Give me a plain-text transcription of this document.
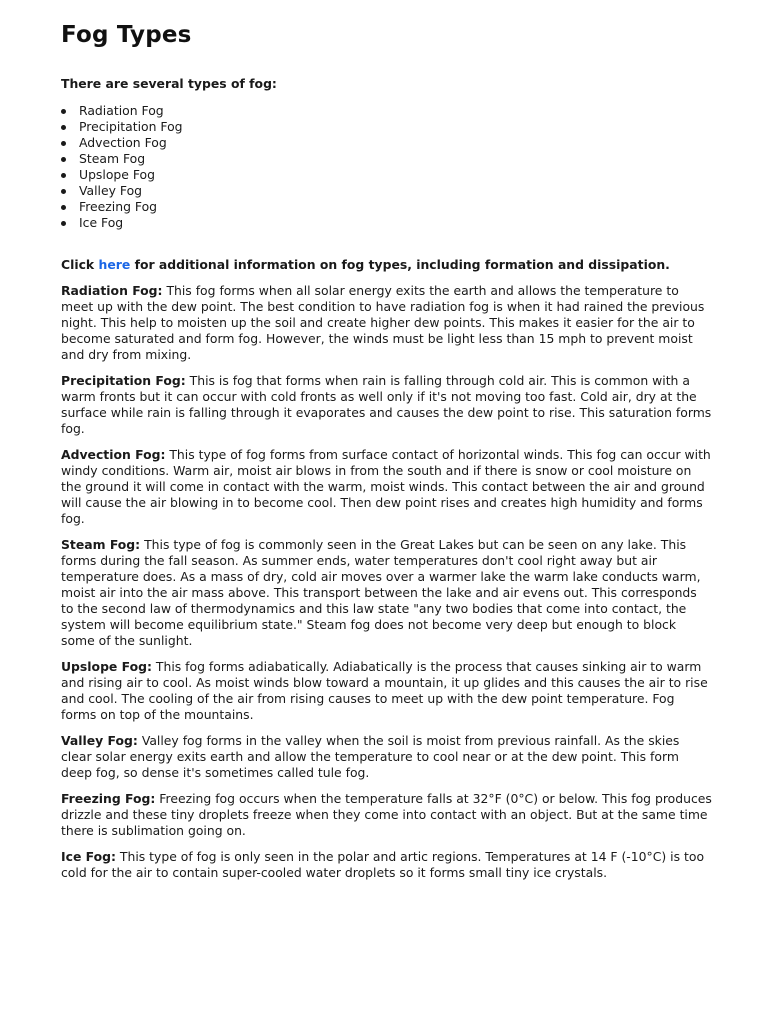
Fog Types
There are several types of fog:
Radiation Fog
Precipitation Fog
Advection Fog
Steam Fog
Upslope Fog
Valley Fog
Freezing Fog
Ice Fog
Click here for additional information on fog types, including formation and dissipation.

Radiation Fog: This fog forms when all solar energy exits the earth and allows the temperature to meet up with the dew point. The best condition to have radiation fog is when it had rained the previous night. This help to moisten up the soil and create higher dew points. This makes it easier for the air to become saturated and form fog. However, the winds must be light less than 15 mph to prevent moist and dry from mixing.

Precipitation Fog: This is fog that forms when rain is falling through cold air. This is common with a warm fronts but it can occur with cold fronts as well only if it's not moving too fast. Cold air, dry at the surface while rain is falling through it evaporates and causes the dew point to rise. This saturation forms fog.

Advection Fog: This type of fog forms from surface contact of horizontal winds. This fog can occur with windy conditions. Warm air, moist air blows in from the south and if there is snow or cool moisture on the ground it will come in contact with the warm, moist winds. This contact between the air and ground will cause the air blowing in to become cool. Then dew point rises and creates high humidity and forms fog.

Steam Fog: This type of fog is commonly seen in the Great Lakes but can be seen on any lake. This forms during the fall season. As summer ends, water temperatures don't cool right away but air temperature does. As a mass of dry, cold air moves over a warmer lake the warm lake conducts warm, moist air into the air mass above. This transport between the lake and air evens out. This corresponds to the second law of thermodynamics and this law state "any two bodies that come into contact, the system will become equilibrium state." Steam fog does not become very deep but enough to block some of the sunlight.

Upslope Fog: This fog forms adiabatically. Adiabatically is the process that causes sinking air to warm and rising air to cool. As moist winds blow toward a mountain, it up glides and this causes the air to rise and cool. The cooling of the air from rising causes to meet up with the dew point temperature. Fog forms on top of the mountains.

Valley Fog: Valley fog forms in the valley when the soil is moist from previous rainfall. As the skies clear solar energy exits earth and allow the temperature to cool near or at the dew point. This form deep fog, so dense it's sometimes called tule fog.

Freezing Fog: Freezing fog occurs when the temperature falls at 32°F (0°C) or below. This fog produces drizzle and these tiny droplets freeze when they come into contact with an object. But at the same time there is sublimation going on.

Ice Fog: This type of fog is only seen in the polar and artic regions. Temperatures at 14 F (-10°C) is too cold for the air to contain super-cooled water droplets so it forms small tiny ice crystals.
